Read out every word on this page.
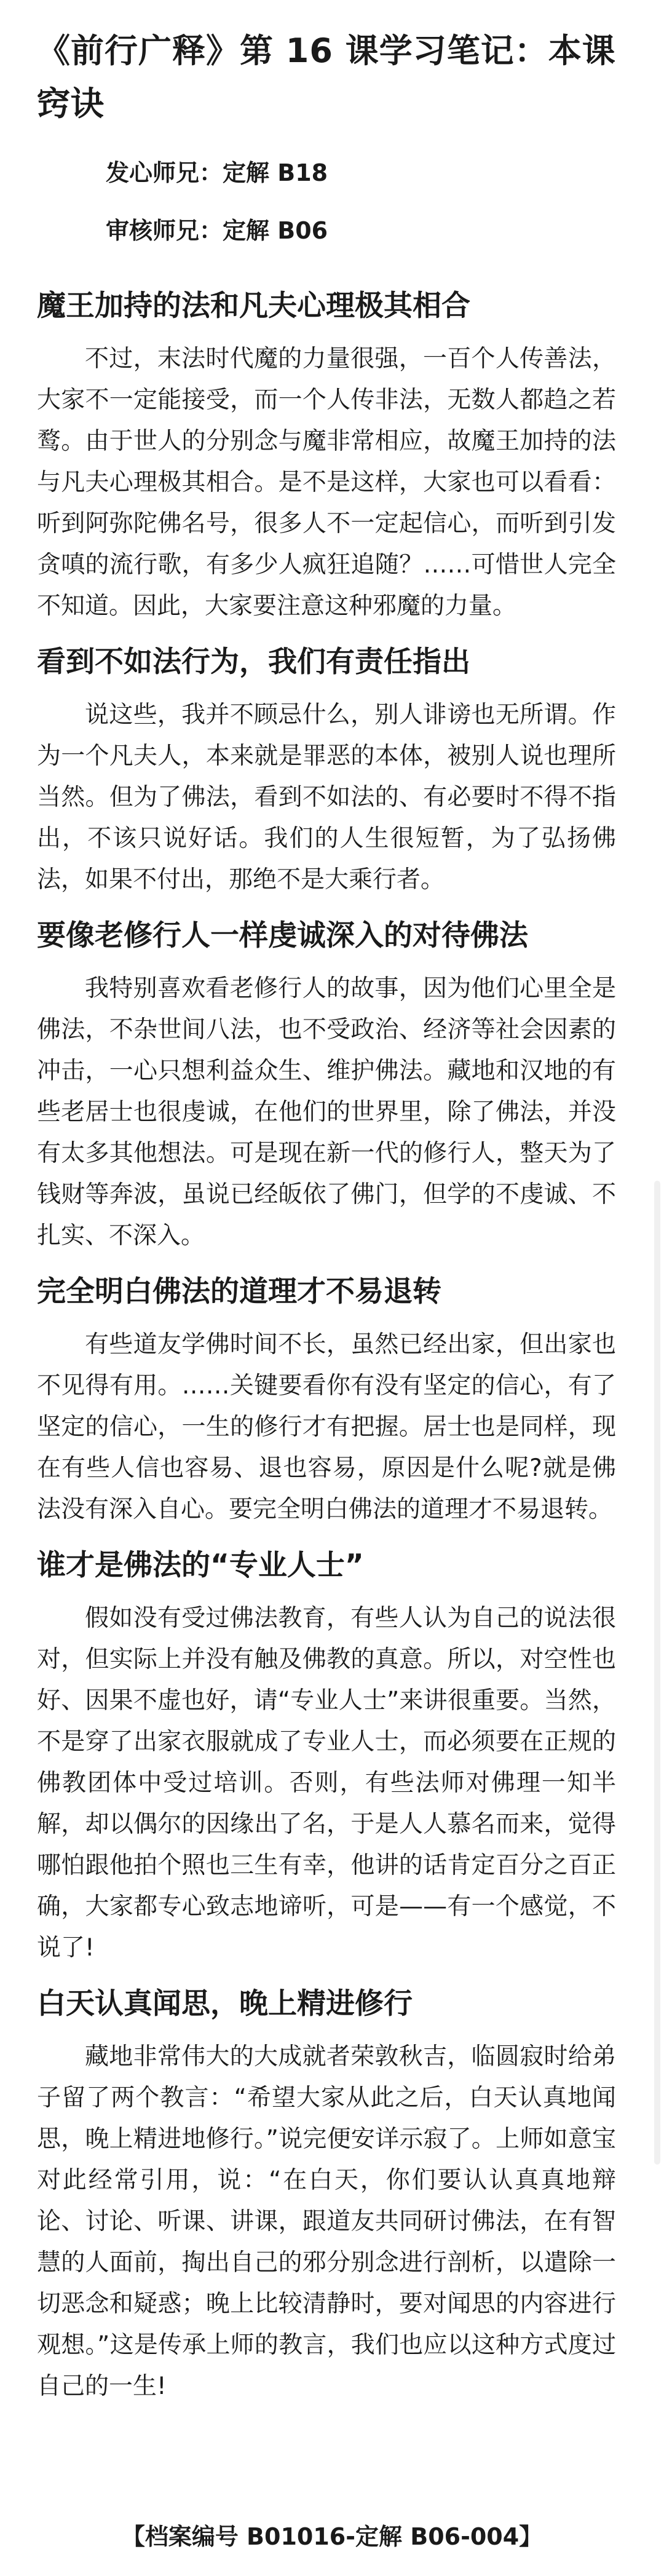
《前行广释》第 16 课学习笔记：本课窍诀
发心师兄：定解 B18
审核师兄：定解 B06
魔王加持的法和凡夫心理极其相合

不过，末法时代魔的力量很强，一百个人传善法，大家不一定能接受，而一个人传非法，无数人都趋之若鹜。由于世人的分别念与魔非常相应，故魔王加持的法与凡夫心理极其相合。是不是这样，大家也可以看看：听到阿弥陀佛名号，很多人不一定起信心，而听到引发贪嗔的流行歌，有多少人疯狂追随？……可惜世人完全不知道。因此，大家要注意这种邪魔的力量。

看到不如法行为，我们有责任指出

说这些，我并不顾忌什么，别人诽谤也无所谓。作为一个凡夫人，本来就是罪恶的本体，被别人说也理所当然。但为了佛法，看到不如法的、有必要时不得不指出，不该只说好话。我们的人生很短暂，为了弘扬佛法，如果不付出，那绝不是大乘行者。

要像老修行人一样虔诚深入的对待佛法

我特别喜欢看老修行人的故事，因为他们心里全是佛法，不杂世间八法，也不受政治、经济等社会因素的冲击，一心只想利益众生、维护佛法。藏地和汉地的有些老居士也很虔诚，在他们的世界里，除了佛法，并没有太多其他想法。可是现在新一代的修行人，整天为了钱财等奔波，虽说已经皈依了佛门，但学的不虔诚、不扎实、不深入。

完全明白佛法的道理才不易退转

有些道友学佛时间不长，虽然已经出家，但出家也不见得有用。……关键要看你有没有坚定的信心，有了坚定的信心，一生的修行才有把握。居士也是同样，现在有些人信也容易、退也容易，原因是什么呢?就是佛法没有深入自心。要完全明白佛法的道理才不易退转。

谁才是佛法的“专业人士”

假如没有受过佛法教育，有些人认为自己的说法很对，但实际上并没有触及佛教的真意。所以，对空性也好、因果不虚也好，请“专业人士”来讲很重要。当然，不是穿了出家衣服就成了专业人士，而必须要在正规的佛教团体中受过培训。否则，有些法师对佛理一知半解，却以偶尔的因缘出了名，于是人人慕名而来，觉得哪怕跟他拍个照也三生有幸，他讲的话肯定百分之百正确，大家都专心致志地谛听，可是——有一个感觉，不说了!

白天认真闻思，晚上精进修行

藏地非常伟大的大成就者荣敦秋吉，临圆寂时给弟子留了两个教言：“希望大家从此之后，白天认真地闻思，晚上精进地修行。”说完便安详示寂了。上师如意宝对此经常引用，说：“在白天，你们要认认真真地辩论、讨论、听课、讲课，跟道友共同研讨佛法，在有智慧的人面前，掏出自己的邪分别念进行剖析，以遣除一切恶念和疑惑；晚上比较清静时，要对闻思的内容进行观想。”这是传承上师的教言，我们也应以这种方式度过自己的一生!

【档案编号 B01016-定解 B06-004】
